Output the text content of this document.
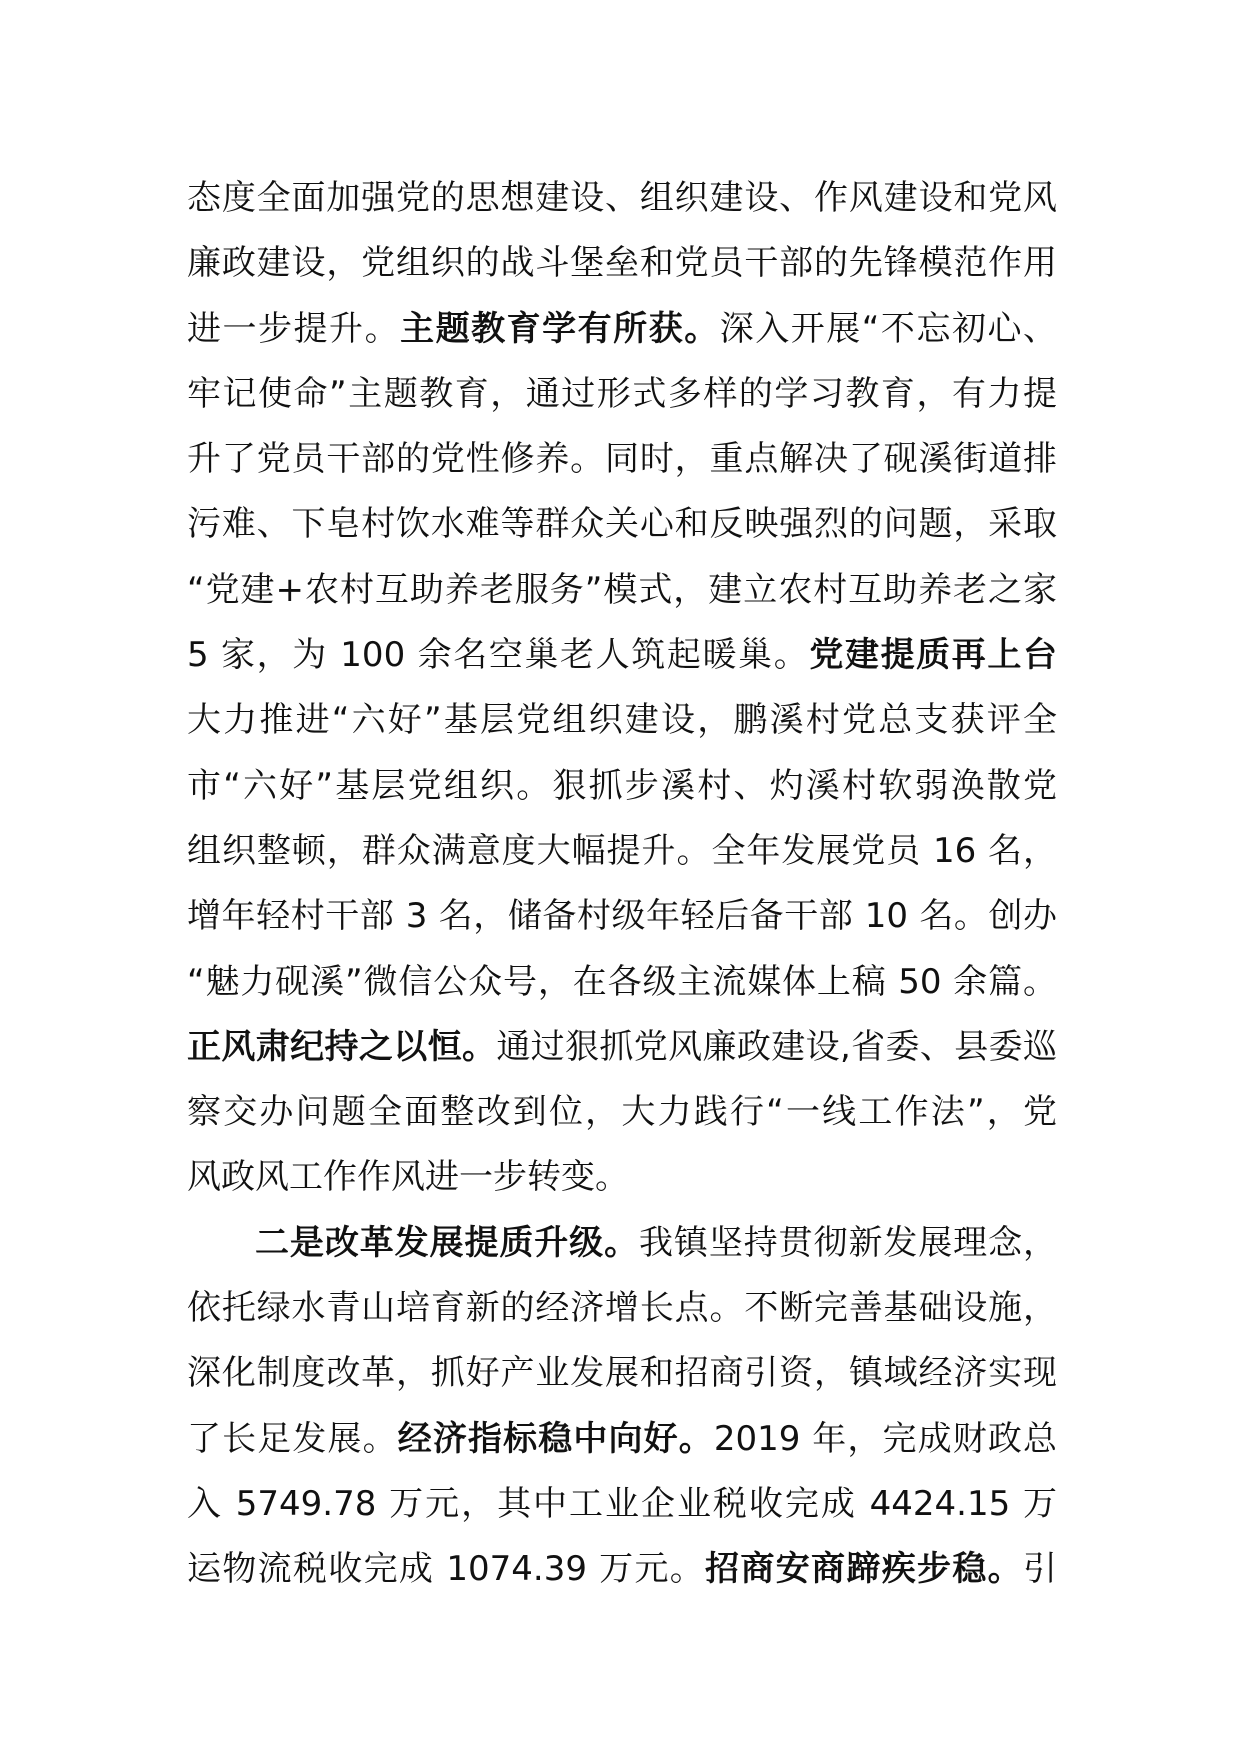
态度全面加强党的思想建设、组织建设、作风建设和党风
廉政建设，党组织的战斗堡垒和党员干部的先锋模范作用
进一步提升。主题教育学有所获。深入开展“不忘初心、
牢记使命”主题教育，通过形式多样的学习教育，有力提
升了党员干部的党性修养。同时，重点解决了砚溪街道排
污难、下皂村饮水难等群众关心和反映强烈的问题，采取
“党建+农村互助养老服务”模式，建立农村互助养老之家
5 家，为 100 余名空巢老人筑起暖巢。党建提质再上台
大力推进“六好”基层党组织建设，鹏溪村党总支获评全
市“六好”基层党组织。狠抓步溪村、灼溪村软弱涣散党
组织整顿，群众满意度大幅提升。全年发展党员 16 名，
增年轻村干部 3 名，储备村级年轻后备干部 10 名。创办
“魅力砚溪”微信公众号，在各级主流媒体上稿 50 余篇。
正风肃纪持之以恒。通过狠抓党风廉政建设,省委、县委巡
察交办问题全面整改到位，大力践行“一线工作法”，党
风政风工作作风进一步转变。
二是改革发展提质升级。我镇坚持贯彻新发展理念，
依托绿水青山培育新的经济增长点。不断完善基础设施，
深化制度改革，抓好产业发展和招商引资，镇域经济实现
了长足发展。经济指标稳中向好。2019 年，完成财政总
入 5749.78 万元，其中工业企业税收完成 4424.15 万
运物流税收完成 1074.39 万元。招商安商蹄疾步稳。引
